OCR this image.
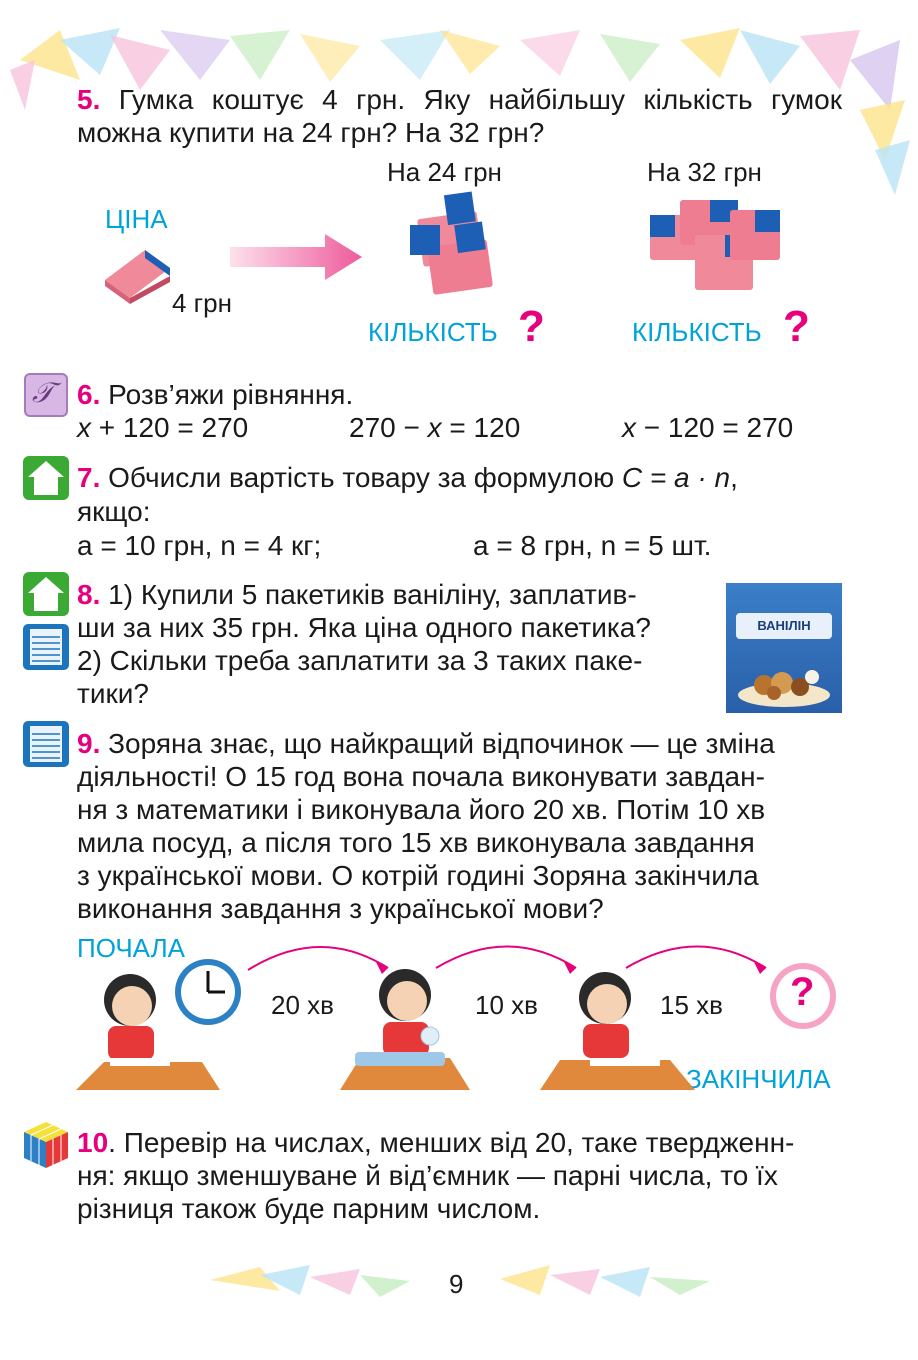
5. Гумка коштує 4 грн. Яку найбільшу кількість гумок можна купити на 24 грн? На 32 грн?
ЦІНА
4 грн
На 24 грн	На 32 грн
КІЛЬКІСТЬ ?	КІЛЬКІСТЬ ?
𝒯 6. Розв’яжи рівняння.
x + 120 = 270	270 − x = 120	x − 120 = 270
7. Обчисли вартість товару за формулою C = a · n,
якщо:
a = 10 грн, n = 4 кг;	a = 8 грн, n = 5 шт.
8. 1) Купили 5 пакетиків ваніліну, заплатив-
ши за них 35 грн. Яка ціна одного пакетика?
2) Скільки треба заплатити за 3 таких паке-
тики?
ВАНІЛІН
9. Зоряна знає, що найкращий відпочинок — це зміна
діяльності! О 15 год вона почала виконувати завдан-
ня з математики і виконувала його 20 хв. Потім 10 хв
мила посуд, а після того 15 хв виконувала завдання
з української мови. О котрій годині Зоряна закінчила
виконання завдання з української мови?
ПОЧАЛА
ЗАКІНЧИЛА
20 хв	10 хв	15 хв ?
10. Перевір на числах, менших від 20, таке твердженн-
ня: якщо зменшуване й від’ємник — парні числа, то їх
різниця також буде парним числом.
9
